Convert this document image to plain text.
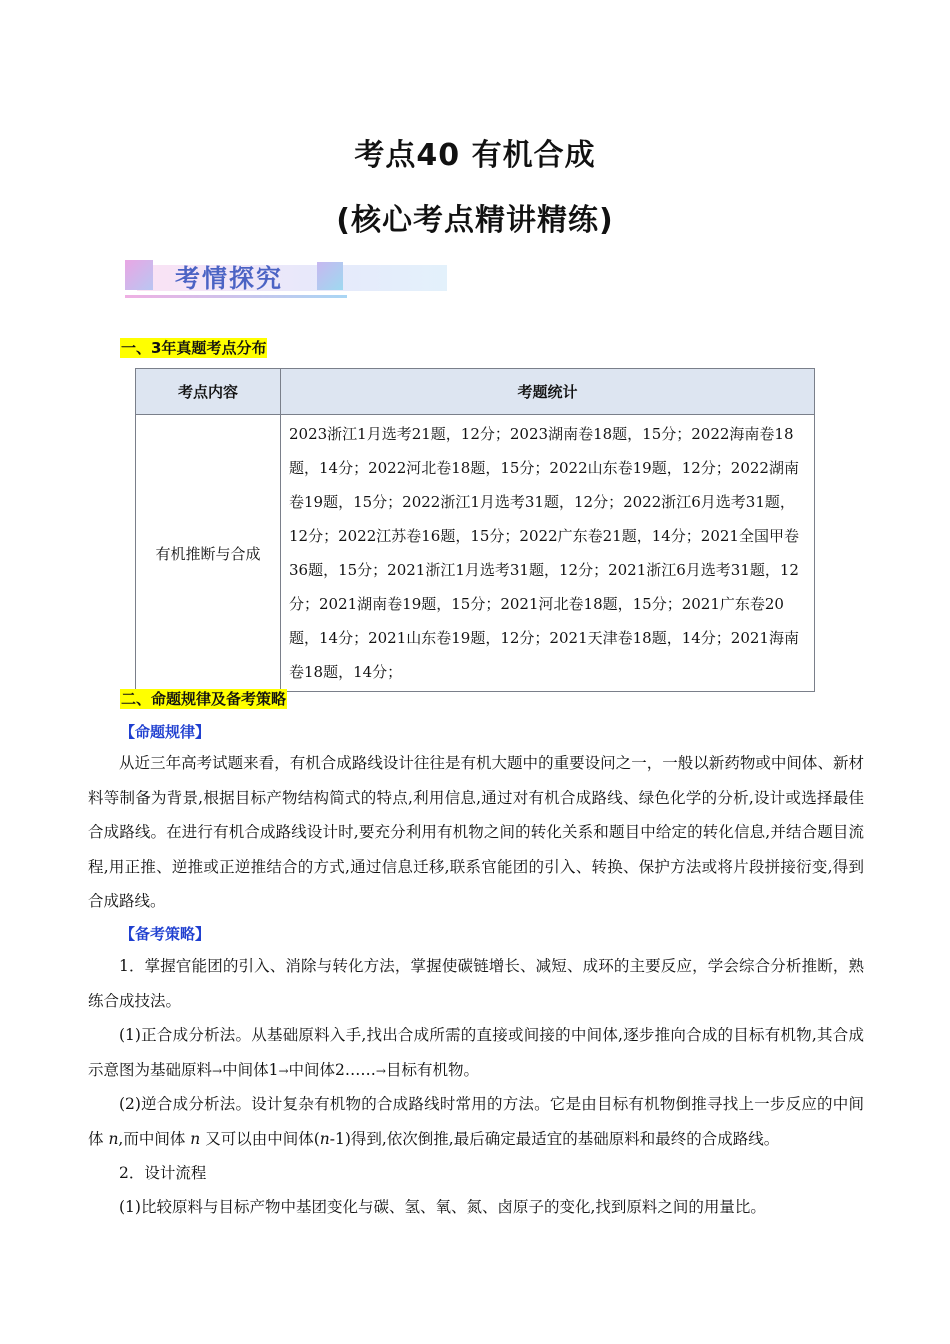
考点40 有机合成
(核心考点精讲精练)
考情探究
一、3年真题考点分布
考点内容	考题统计
有机推断与合成	2023浙江1月选考21题，12分；2023湖南卷18题，15分；2022海南卷18题，14分；2022河北卷18题，15分；2022山东卷19题，12分；2022湖南卷19题，15分；2022浙江1月选考31题，12分；2022浙江6月选考31题，12分；2022江苏卷16题，15分；2022广东卷21题，14分；2021全国甲卷36题，15分；2021浙江1月选考31题，12分；2021浙江6月选考31题，12分；2021湖南卷19题，15分；2021河北卷18题，15分；2021广东卷20题，14分；2021山东卷19题，12分；2021天津卷18题，14分；2021海南卷18题，14分；
二、命题规律及备考策略
【命题规律】
从近三年高考试题来看，有机合成路线设计往往是有机大题中的重要设问之一，一般以新药物或中间体、新材料等制备为背景,根据目标产物结构简式的特点,利用信息,通过对有机合成路线、绿色化学的分析,设计或选择最佳合成路线。在进行有机合成路线设计时,要充分利用有机物之间的转化关系和题目中给定的转化信息,并结合题目流程,用正推、逆推或正逆推结合的方式,通过信息迁移,联系官能团的引入、转换、保护方法或将片段拼接衍变,得到合成路线。
【备考策略】
1．掌握官能团的引入、消除与转化方法，掌握使碳链增长、减短、成环的主要反应，学会综合分析推断，熟练合成技法。
(1)正合成分析法。从基础原料入手,找出合成所需的直接或间接的中间体,逐步推向合成的目标有机物,其合成示意图为基础原料→中间体1→中间体2……→目标有机物。
(2)逆合成分析法。设计复杂有机物的合成路线时常用的方法。它是由目标有机物倒推寻找上一步反应的中间体 n,而中间体 n 又可以由中间体(n-1)得到,依次倒推,最后确定最适宜的基础原料和最终的合成路线。
2．设计流程
(1)比较原料与目标产物中基团变化与碳、氢、氧、氮、卤原子的变化,找到原料之间的用量比。
